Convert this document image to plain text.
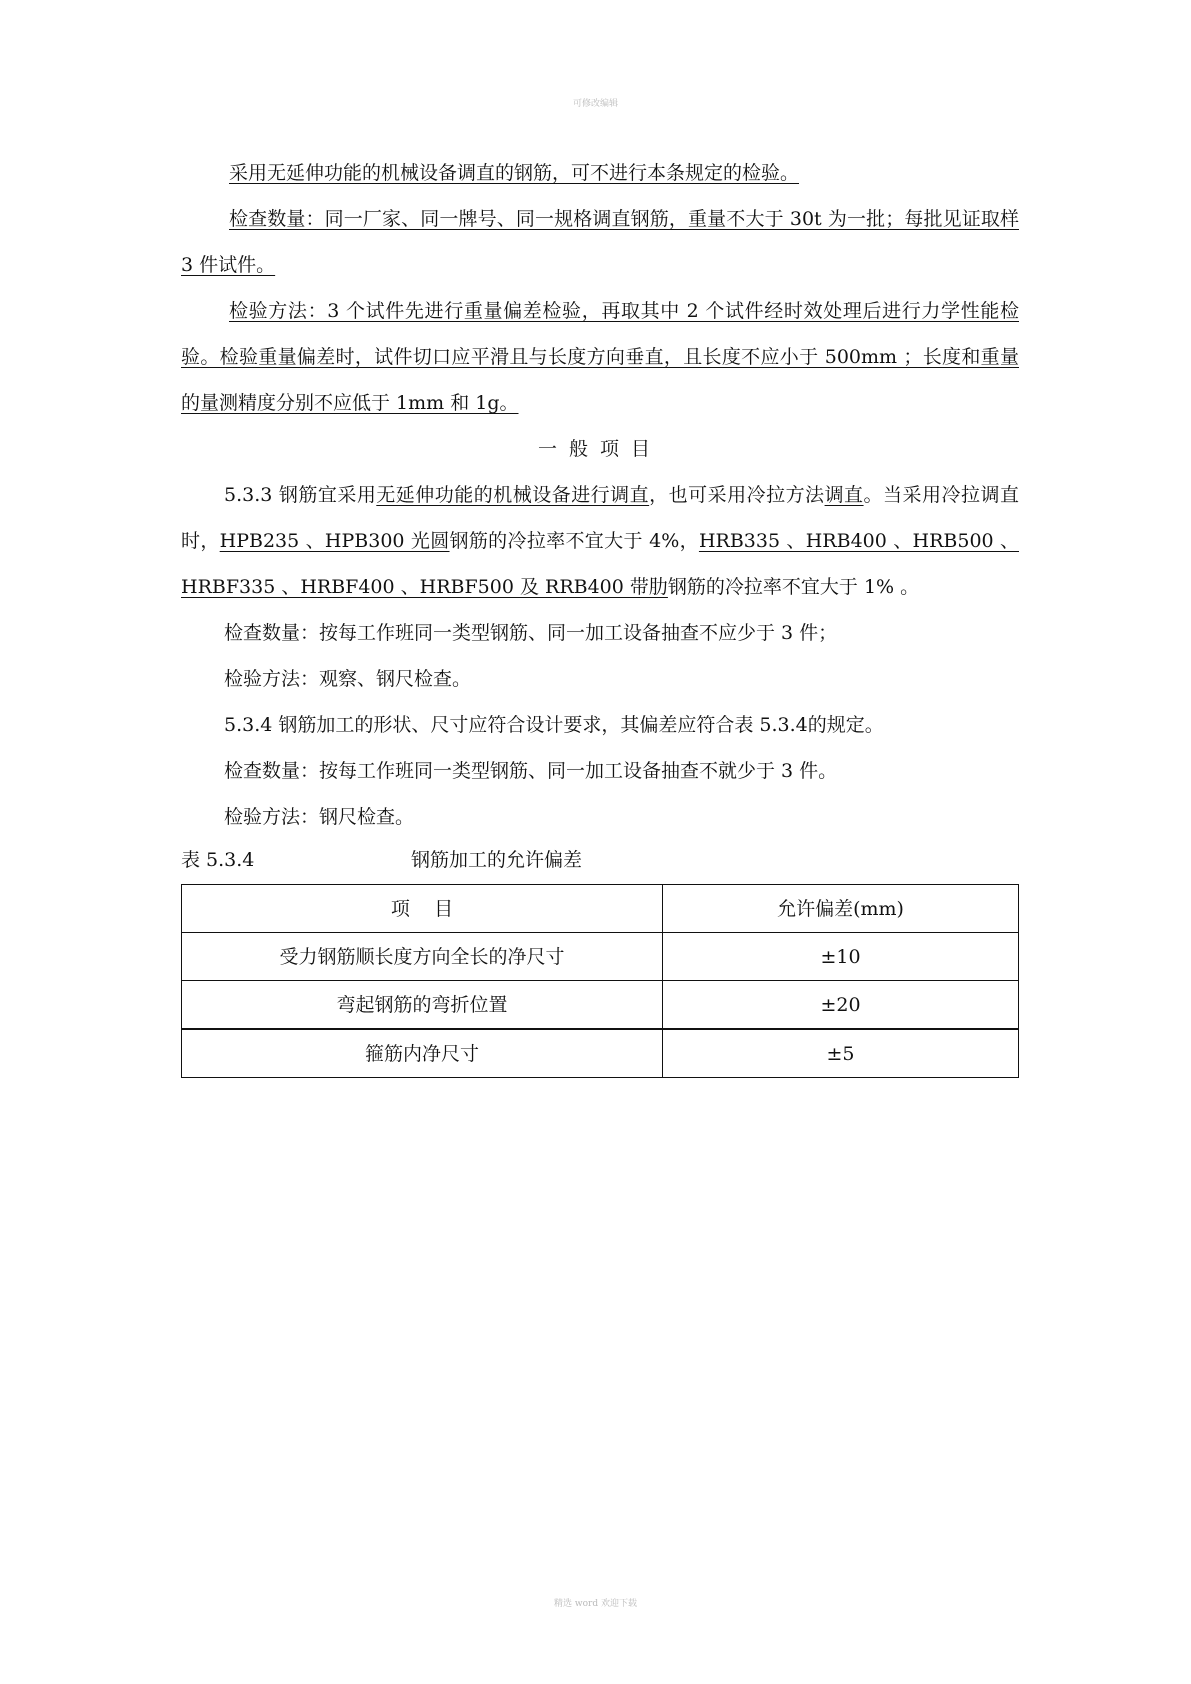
可修改编辑

采用无延伸功能的机械设备调直的钢筋，可不进行本条规定的检验。

检查数量：同一厂家、同一牌号、同一规格调直钢筋，重量不大于 30t 为一批；每批见证取样 3 件试件。

检验方法：3 个试件先进行重量偏差检验，再取其中 2 个试件经时效处理后进行力学性能检验。检验重量偏差时，试件切口应平滑且与长度方向垂直，且长度不应小于 500mm ；长度和重量的量测精度分别不应低于 1mm 和 1g。

一般项目

5.3.3 钢筋宜采用无延伸功能的机械设备进行调直，也可采用冷拉方法调直。当采用冷拉调直时，HPB235 、HPB300 光圆钢筋的冷拉率不宜大于 4%，HRB335 、HRB400 、HRB500 、HRBF335 、HRBF400 、HRBF500 及 RRB400 带肋钢筋的冷拉率不宜大于 1% 。

检查数量：按每工作班同一类型钢筋、同一加工设备抽查不应少于 3 件；

检验方法：观察、钢尺检查。

5.3.4 钢筋加工的形状、尺寸应符合设计要求，其偏差应符合表 5.3.4的规定。

检查数量：按每工作班同一类型钢筋、同一加工设备抽查不就少于 3 件。

检验方法：钢尺检查。

表 5.3.4	钢筋加工的允许偏差
项    目	允许偏差(mm)
受力钢筋顺长度方向全长的净尺寸	±10
弯起钢筋的弯折位置	±20
箍筋内净尺寸	±5
精选 word 欢迎下载
